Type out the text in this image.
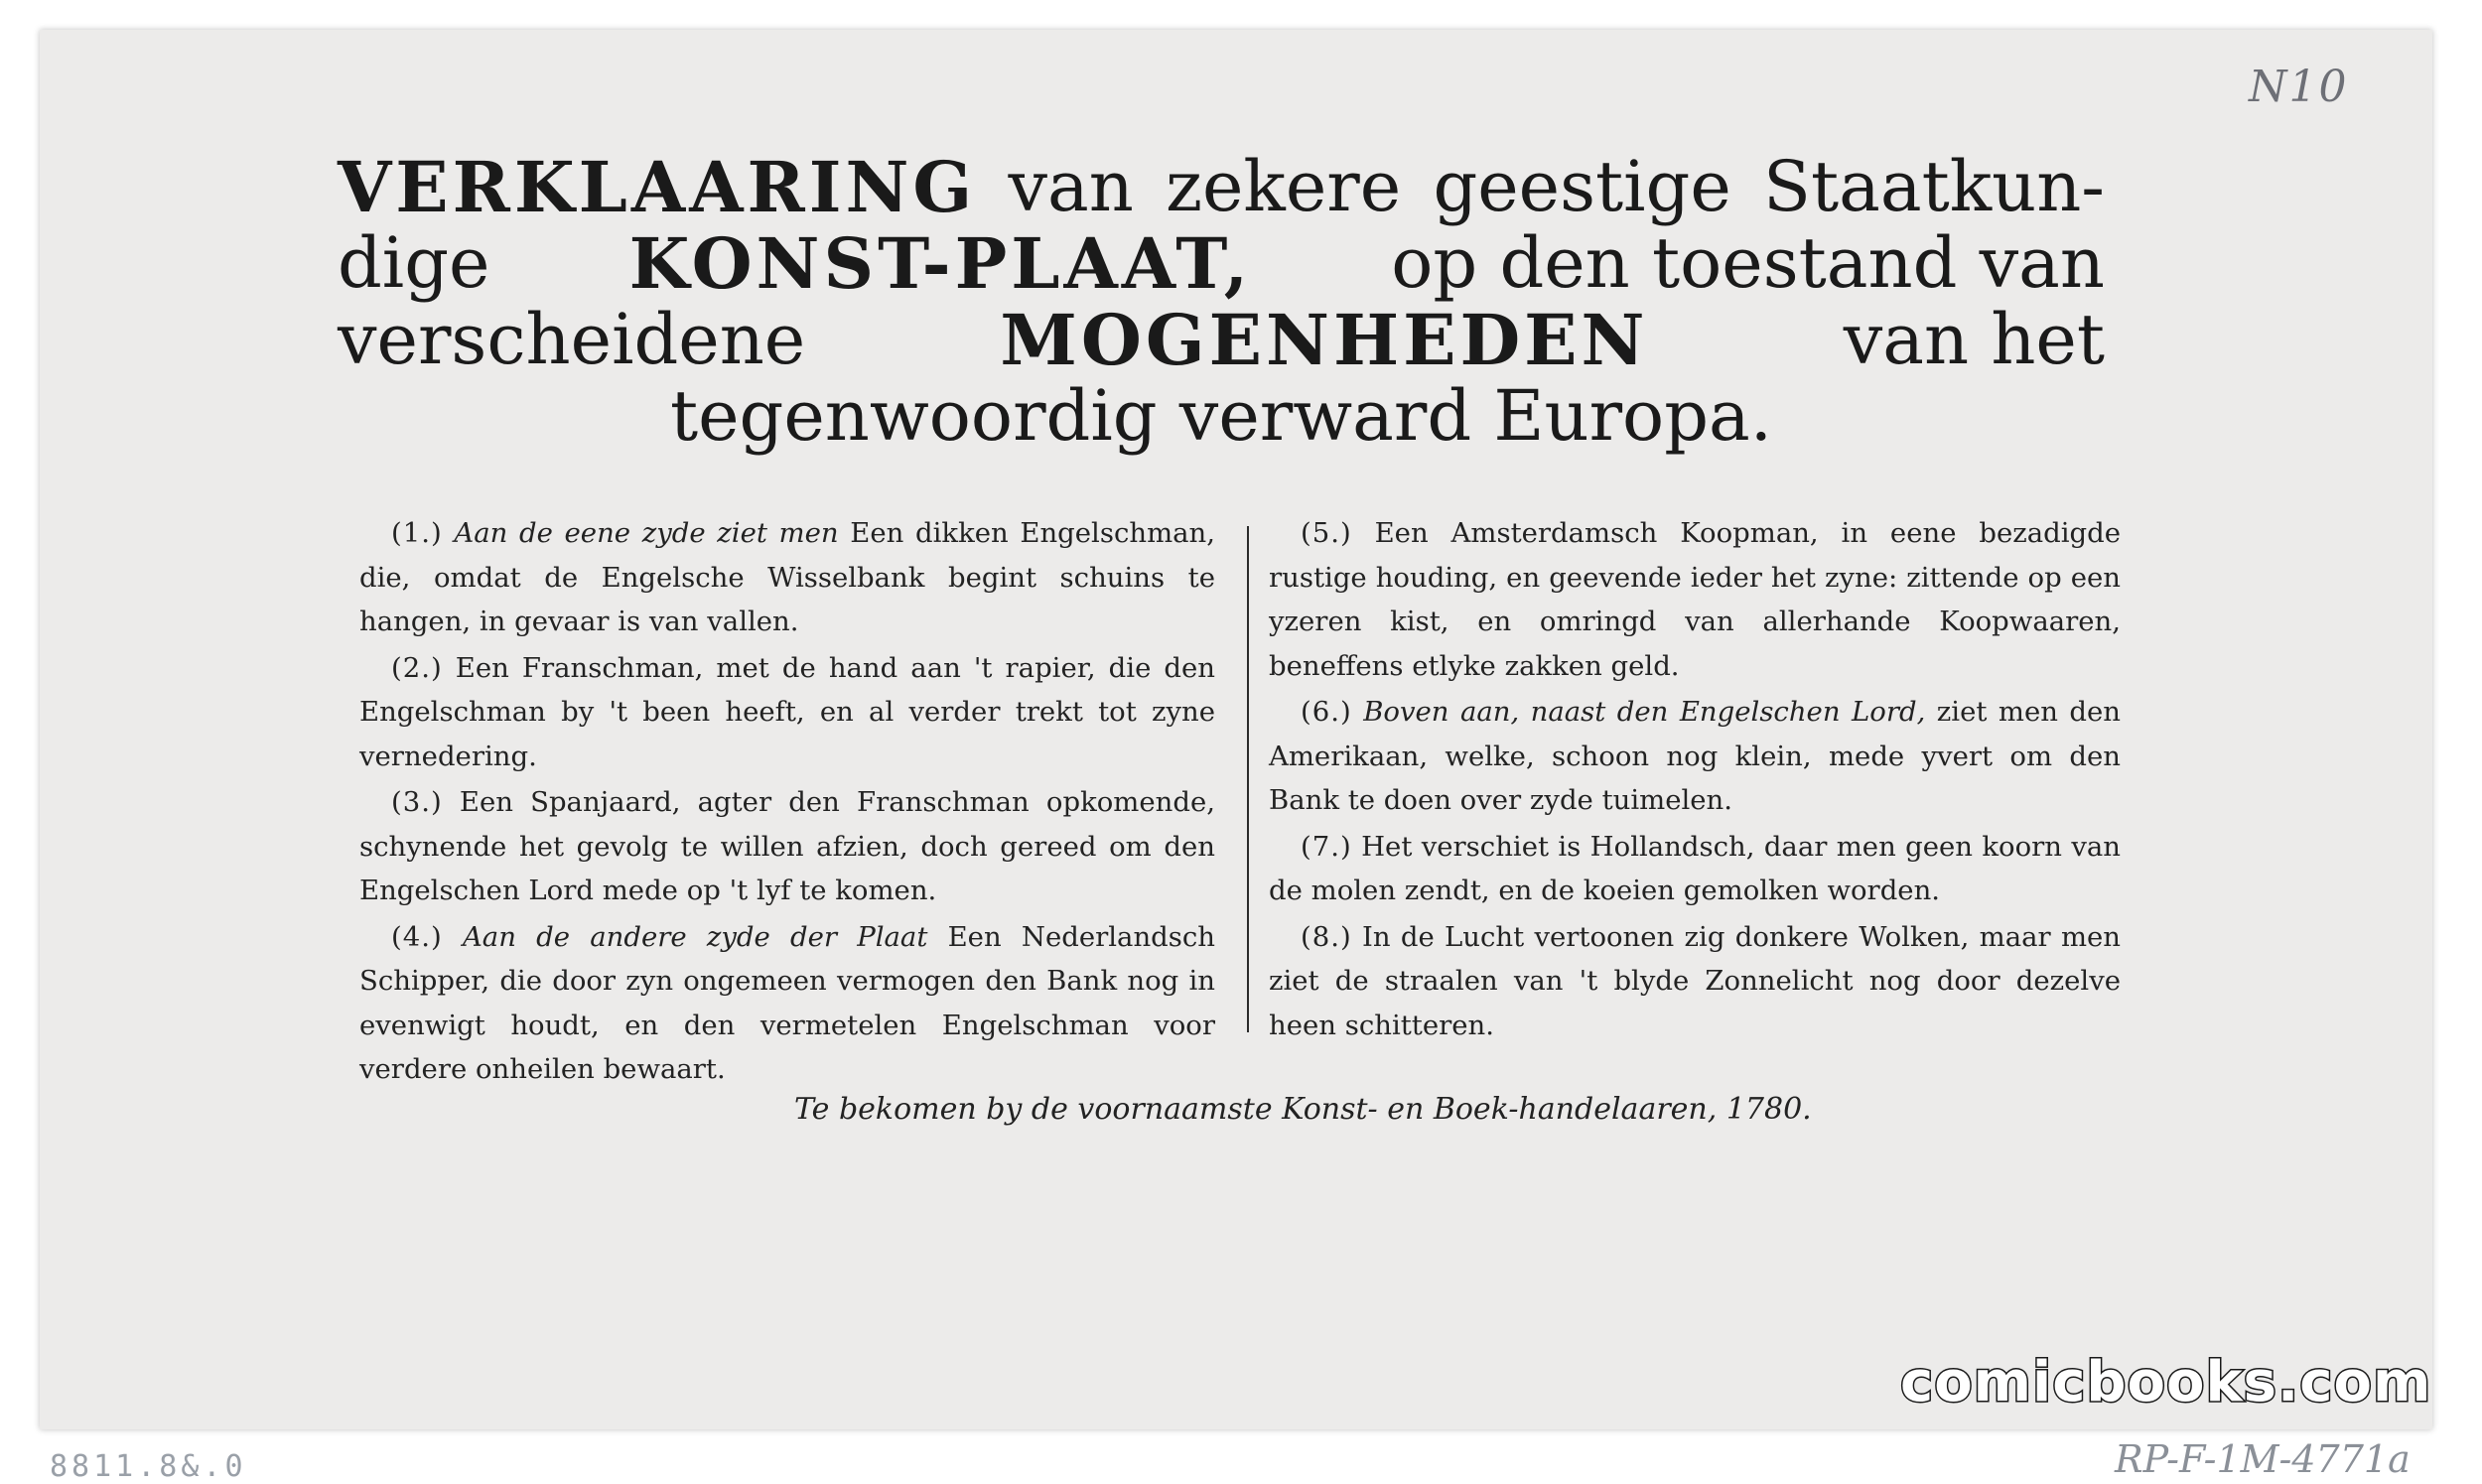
N10
VERKLAARING van zekere geestige Staatkun-
dige KONST-PLAAT, op den toestand van
verscheidene	MOGENHEDEN	van het
tegenwoordig verward Europa.

(1.) Aan de eene zyde ziet men Een dikken Engelschman, die, omdat de Engelsche Wisselbank begint schuins te hangen, in gevaar is van vallen.

(2.) Een Franschman, met de hand aan 't rapier, die den Engelschman by 't been heeft, en al verder trekt tot zyne vernedering.

(3.) Een Spanjaard, agter den Franschman opkomende, schynende het gevolg te willen afzien, doch gereed om den Engelschen Lord mede op 't lyf te komen.

(4.) Aan de andere zyde der Plaat Een Nederlandsch Schipper, die door zyn ongemeen vermogen den Bank nog in evenwigt houdt, en den vermetelen Engelschman voor verdere onheilen bewaart.

(5.) Een Amsterdamsch Koopman, in eene bezadigde rustige houding, en geevende ieder het zyne: zittende op een yzeren kist, en omringd van allerhande Koopwaaren, beneffens etlyke zakken geld.

(6.) Boven aan, naast den Engelschen Lord, ziet men den Amerikaan, welke, schoon nog klein, mede yvert om den Bank te doen over zyde tuimelen.

(7.) Het verschiet is Hollandsch, daar men geen koorn van de molen zendt, en de koeien gemolken worden.

(8.) In de Lucht vertoonen zig donkere Wolken, maar men ziet de straalen van 't blyde Zonnelicht nog door dezelve heen schitteren.

Te bekomen by de voornaamste Konst- en Boek-handelaaren, 1780.
comicbooks.com
8811.8&.0	RP-F-1M-4771a
